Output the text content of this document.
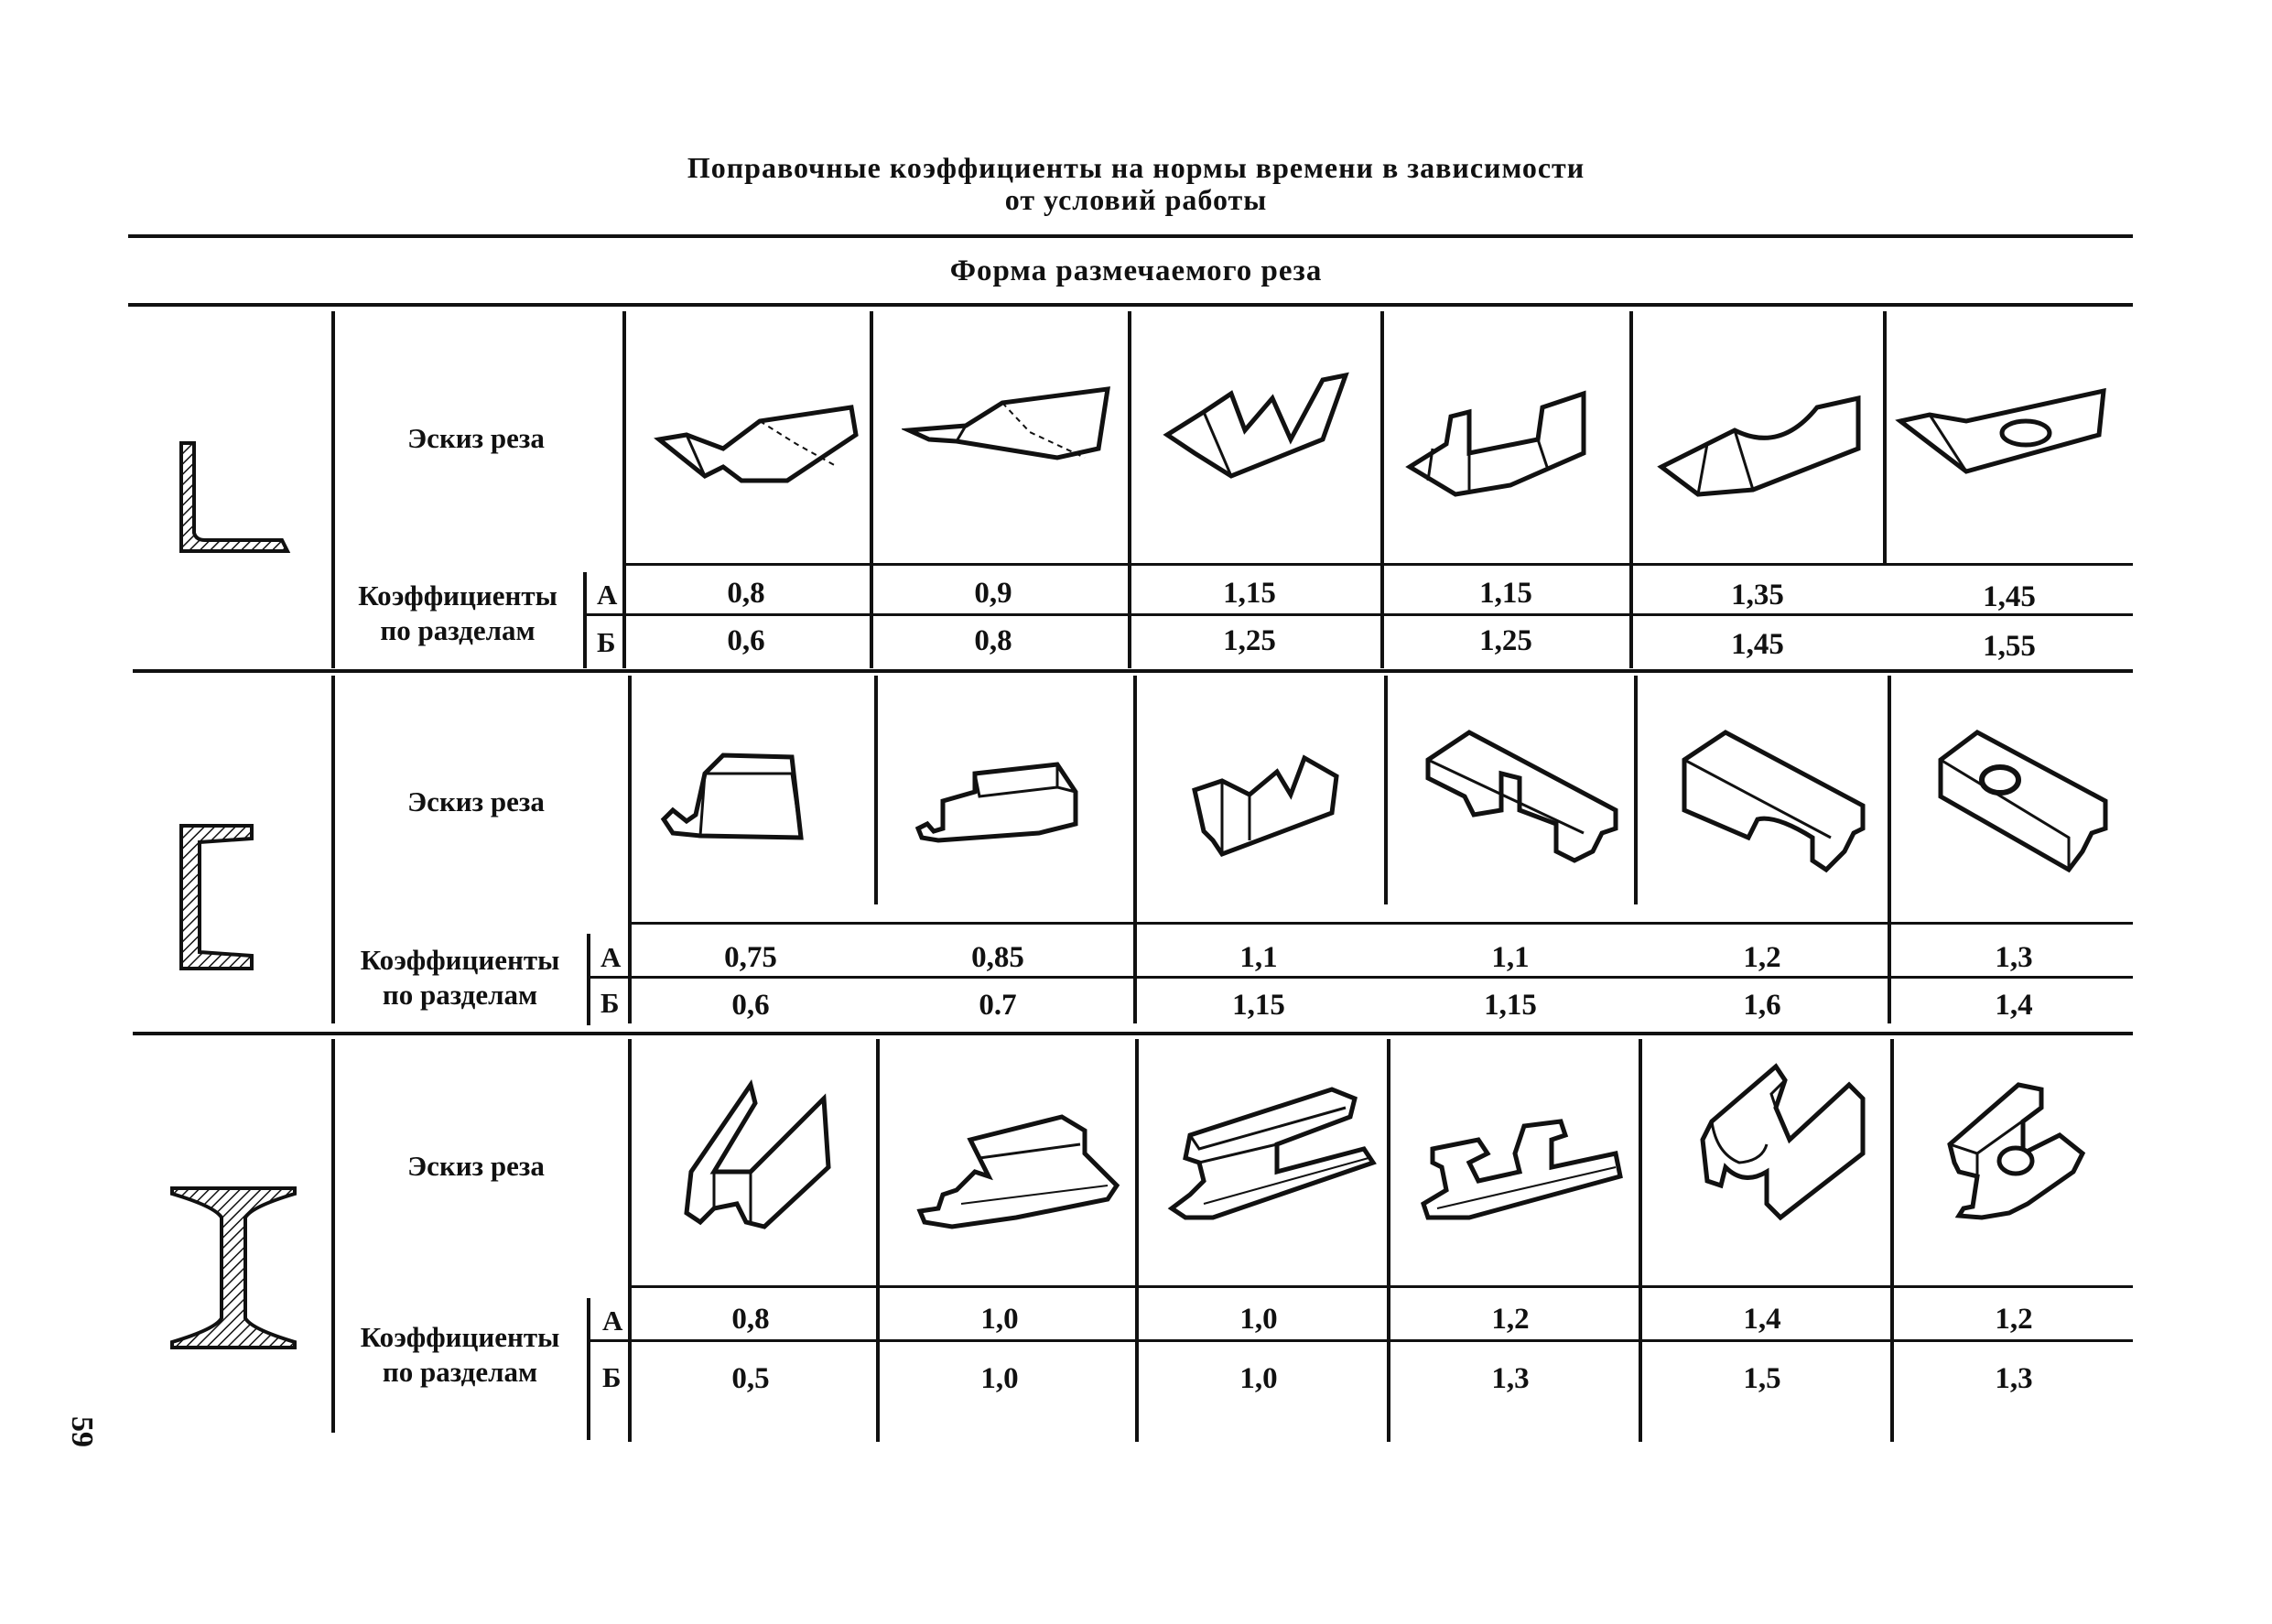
Поправочные коэффициенты на нормы времени в зависимости
от условий работы
Форма размечаемого реза
Эскиз реза
Коэффициенты
по разделам
А
Б
0,8	0,9	1,15	1,15	1,35	1,45
0,6	0,8	1,25	1,25	1,45	1,55
Эскиз реза
Коэффициенты
по разделам
А
Б
0,75	0,85	1,1	1,1	1,2	1,3
0,6	0.7	1,15	1,15	1,6	1,4
Эскиз реза
Коэффициенты
по разделам
А
Б
0,8	1,0	1,0	1,2	1,4	1,2
0,5	1,0	1,0	1,3	1,5	1,3
59
